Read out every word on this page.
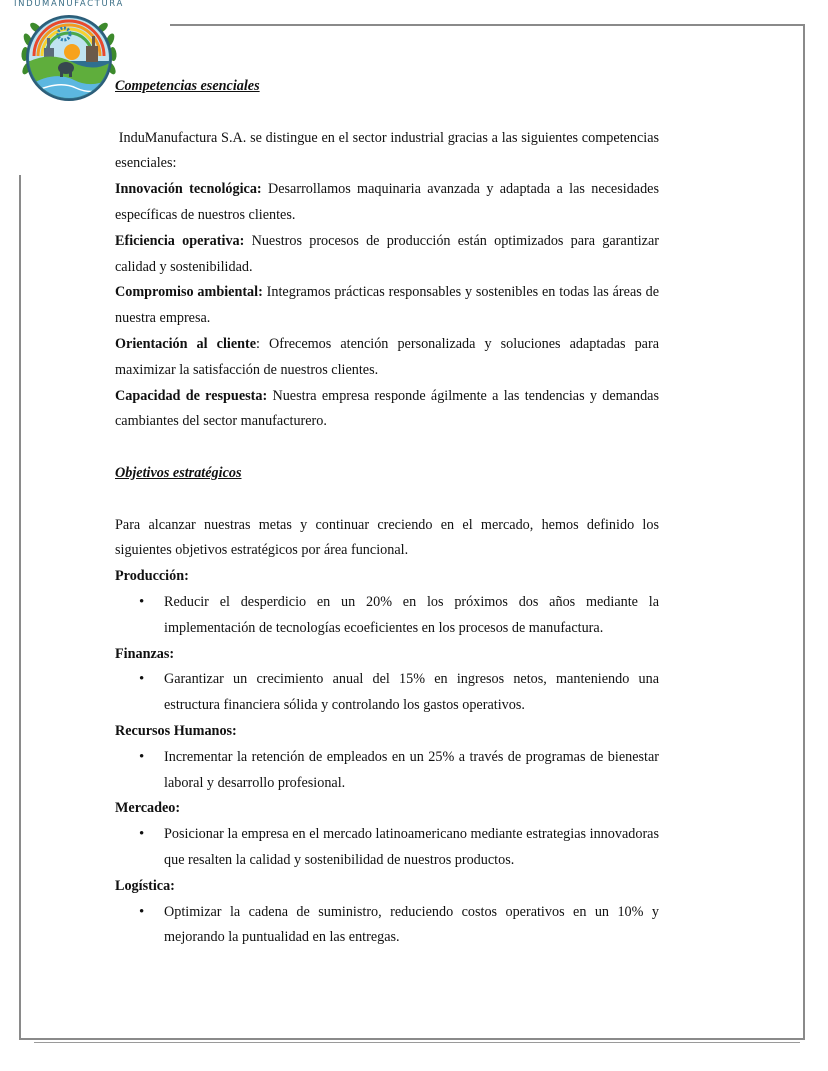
INDUMANUFACTURA

Competencias esenciales

InduManufactura S.A. se distingue en el sector industrial gracias a las siguientes competencias esenciales:

Innovación tecnológica: Desarrollamos maquinaria avanzada y adaptada a las necesidades específicas de nuestros clientes.

Eficiencia operativa: Nuestros procesos de producción están optimizados para garantizar calidad y sostenibilidad.

Compromiso ambiental: Integramos prácticas responsables y sostenibles en todas las áreas de nuestra empresa.

Orientación al cliente: Ofrecemos atención personalizada y soluciones adaptadas para maximizar la satisfacción de nuestros clientes.

Capacidad de respuesta: Nuestra empresa responde ágilmente a las tendencias y demandas cambiantes del sector manufacturero.

Objetivos estratégicos

Para alcanzar nuestras metas y continuar creciendo en el mercado, hemos definido los siguientes objetivos estratégicos por área funcional.

Producción:

• Reducir el desperdicio en un 20% en los próximos dos años mediante la implementación de tecnologías ecoeficientes en los procesos de manufactura.

Finanzas:

• Garantizar un crecimiento anual del 15% en ingresos netos, manteniendo una estructura financiera sólida y controlando los gastos operativos.

Recursos Humanos:

• Incrementar la retención de empleados en un 25% a través de programas de bienestar laboral y desarrollo profesional.

Mercadeo:

• Posicionar la empresa en el mercado latinoamericano mediante estrategias innovadoras que resalten la calidad y sostenibilidad de nuestros productos.

Logística:

• Optimizar la cadena de suministro, reduciendo costos operativos en un 10% y mejorando la puntualidad en las entregas.
